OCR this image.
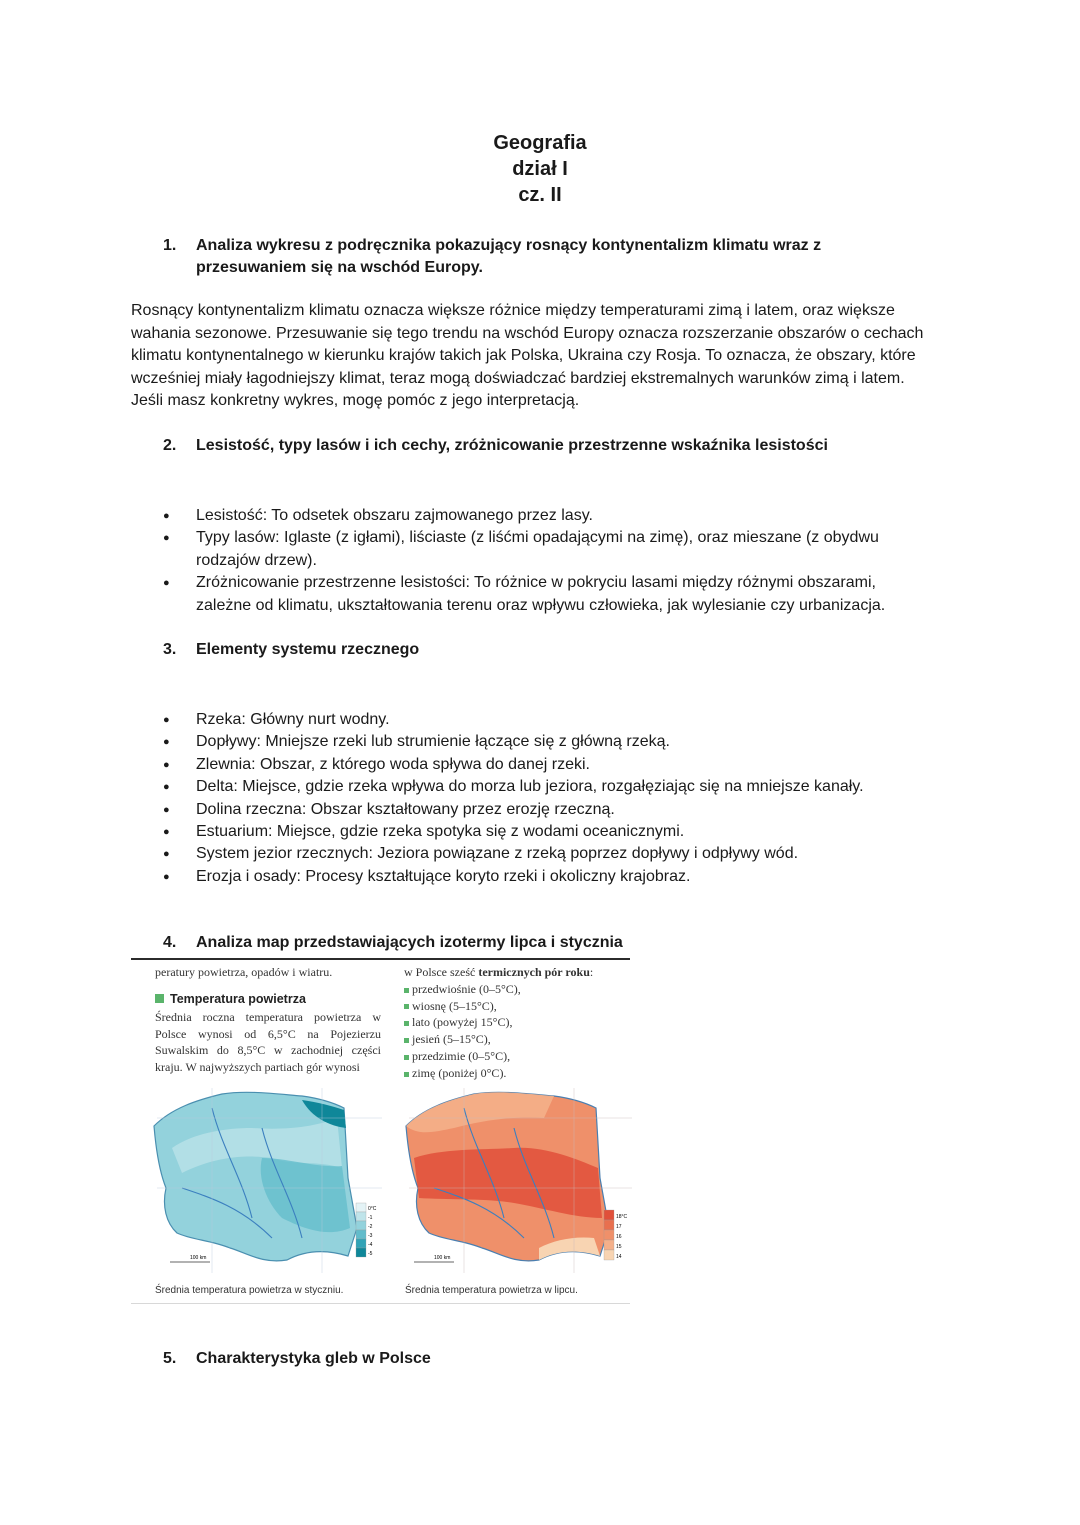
Geografia
dział I
cz. II
1. Analiza wykresu z podręcznika pokazujący rosnący kontynentalizm klimatu wraz z przesuwaniem się na wschód Europy.
Rosnący kontynentalizm klimatu oznacza większe różnice między temperaturami zimą i latem, oraz większe wahania sezonowe. Przesuwanie się tego trendu na wschód Europy oznacza rozszerzanie obszarów o cechach klimatu kontynentalnego w kierunku krajów takich jak Polska, Ukraina czy Rosja. To oznacza, że obszary, które wcześniej miały łagodniejszy klimat, teraz mogą doświadczać bardziej ekstremalnych warunków zimą i latem. Jeśli masz konkretny wykres, mogę pomóc z jego interpretacją.
2. Lesistość, typy lasów i ich cechy, zróżnicowanie przestrzenne wskaźnika lesistości
● Lesistość: To odsetek obszaru zajmowanego przez lasy.
● Typy lasów: Iglaste (z igłami), liściaste (z liśćmi opadającymi na zimę), oraz mieszane (z obydwu rodzajów drzew).
● Zróżnicowanie przestrzenne lesistości: To różnice w pokryciu lasami między różnymi obszarami, zależne od klimatu, ukształtowania terenu oraz wpływu człowieka, jak wylesianie czy urbanizacja.
3. Elementy systemu rzecznego
● Rzeka: Główny nurt wodny.
● Dopływy: Mniejsze rzeki lub strumienie łączące się z główną rzeką.
● Zlewnia: Obszar, z którego woda spływa do danej rzeki.
● Delta: Miejsce, gdzie rzeka wpływa do morza lub jeziora, rozgałęziając się na mniejsze kanały.
● Dolina rzeczna: Obszar kształtowany przez erozję rzeczną.
● Estuarium: Miejsce, gdzie rzeka spotyka się z wodami oceanicznymi.
● System jezior rzecznych: Jeziora powiązane z rzeką poprzez dopływy i odpływy wód.
● Erozja i osady: Procesy kształtujące koryto rzeki i okoliczny krajobraz.
4. Analiza map przedstawiających izotermy lipca i stycznia
peratury powietrza, opadów i wiatru.
Temperatura powietrza
Średnia roczna temperatura powietrza w Polsce wynosi od 6,5°C na Pojezierzu Suwalskim do 8,5°C w zachodniej części kraju. W najwyższych partiach gór wynosi
w Polsce sześć termicznych pór roku:
przedwiośnie (0–5°C),
wiosnę (5–15°C),
lato (powyżej 15°C),
jesień (5–15°C),
przedzimie (0–5°C),
zimę (poniżej 0°C).
Średnia temperatura powietrza w styczniu.	Średnia temperatura powietrza w lipcu.
0°C
-1
-2
-3
-4
-5
100 km
18°C
17
16
15
14
100 km
5. Charakterystyka gleb w Polsce
